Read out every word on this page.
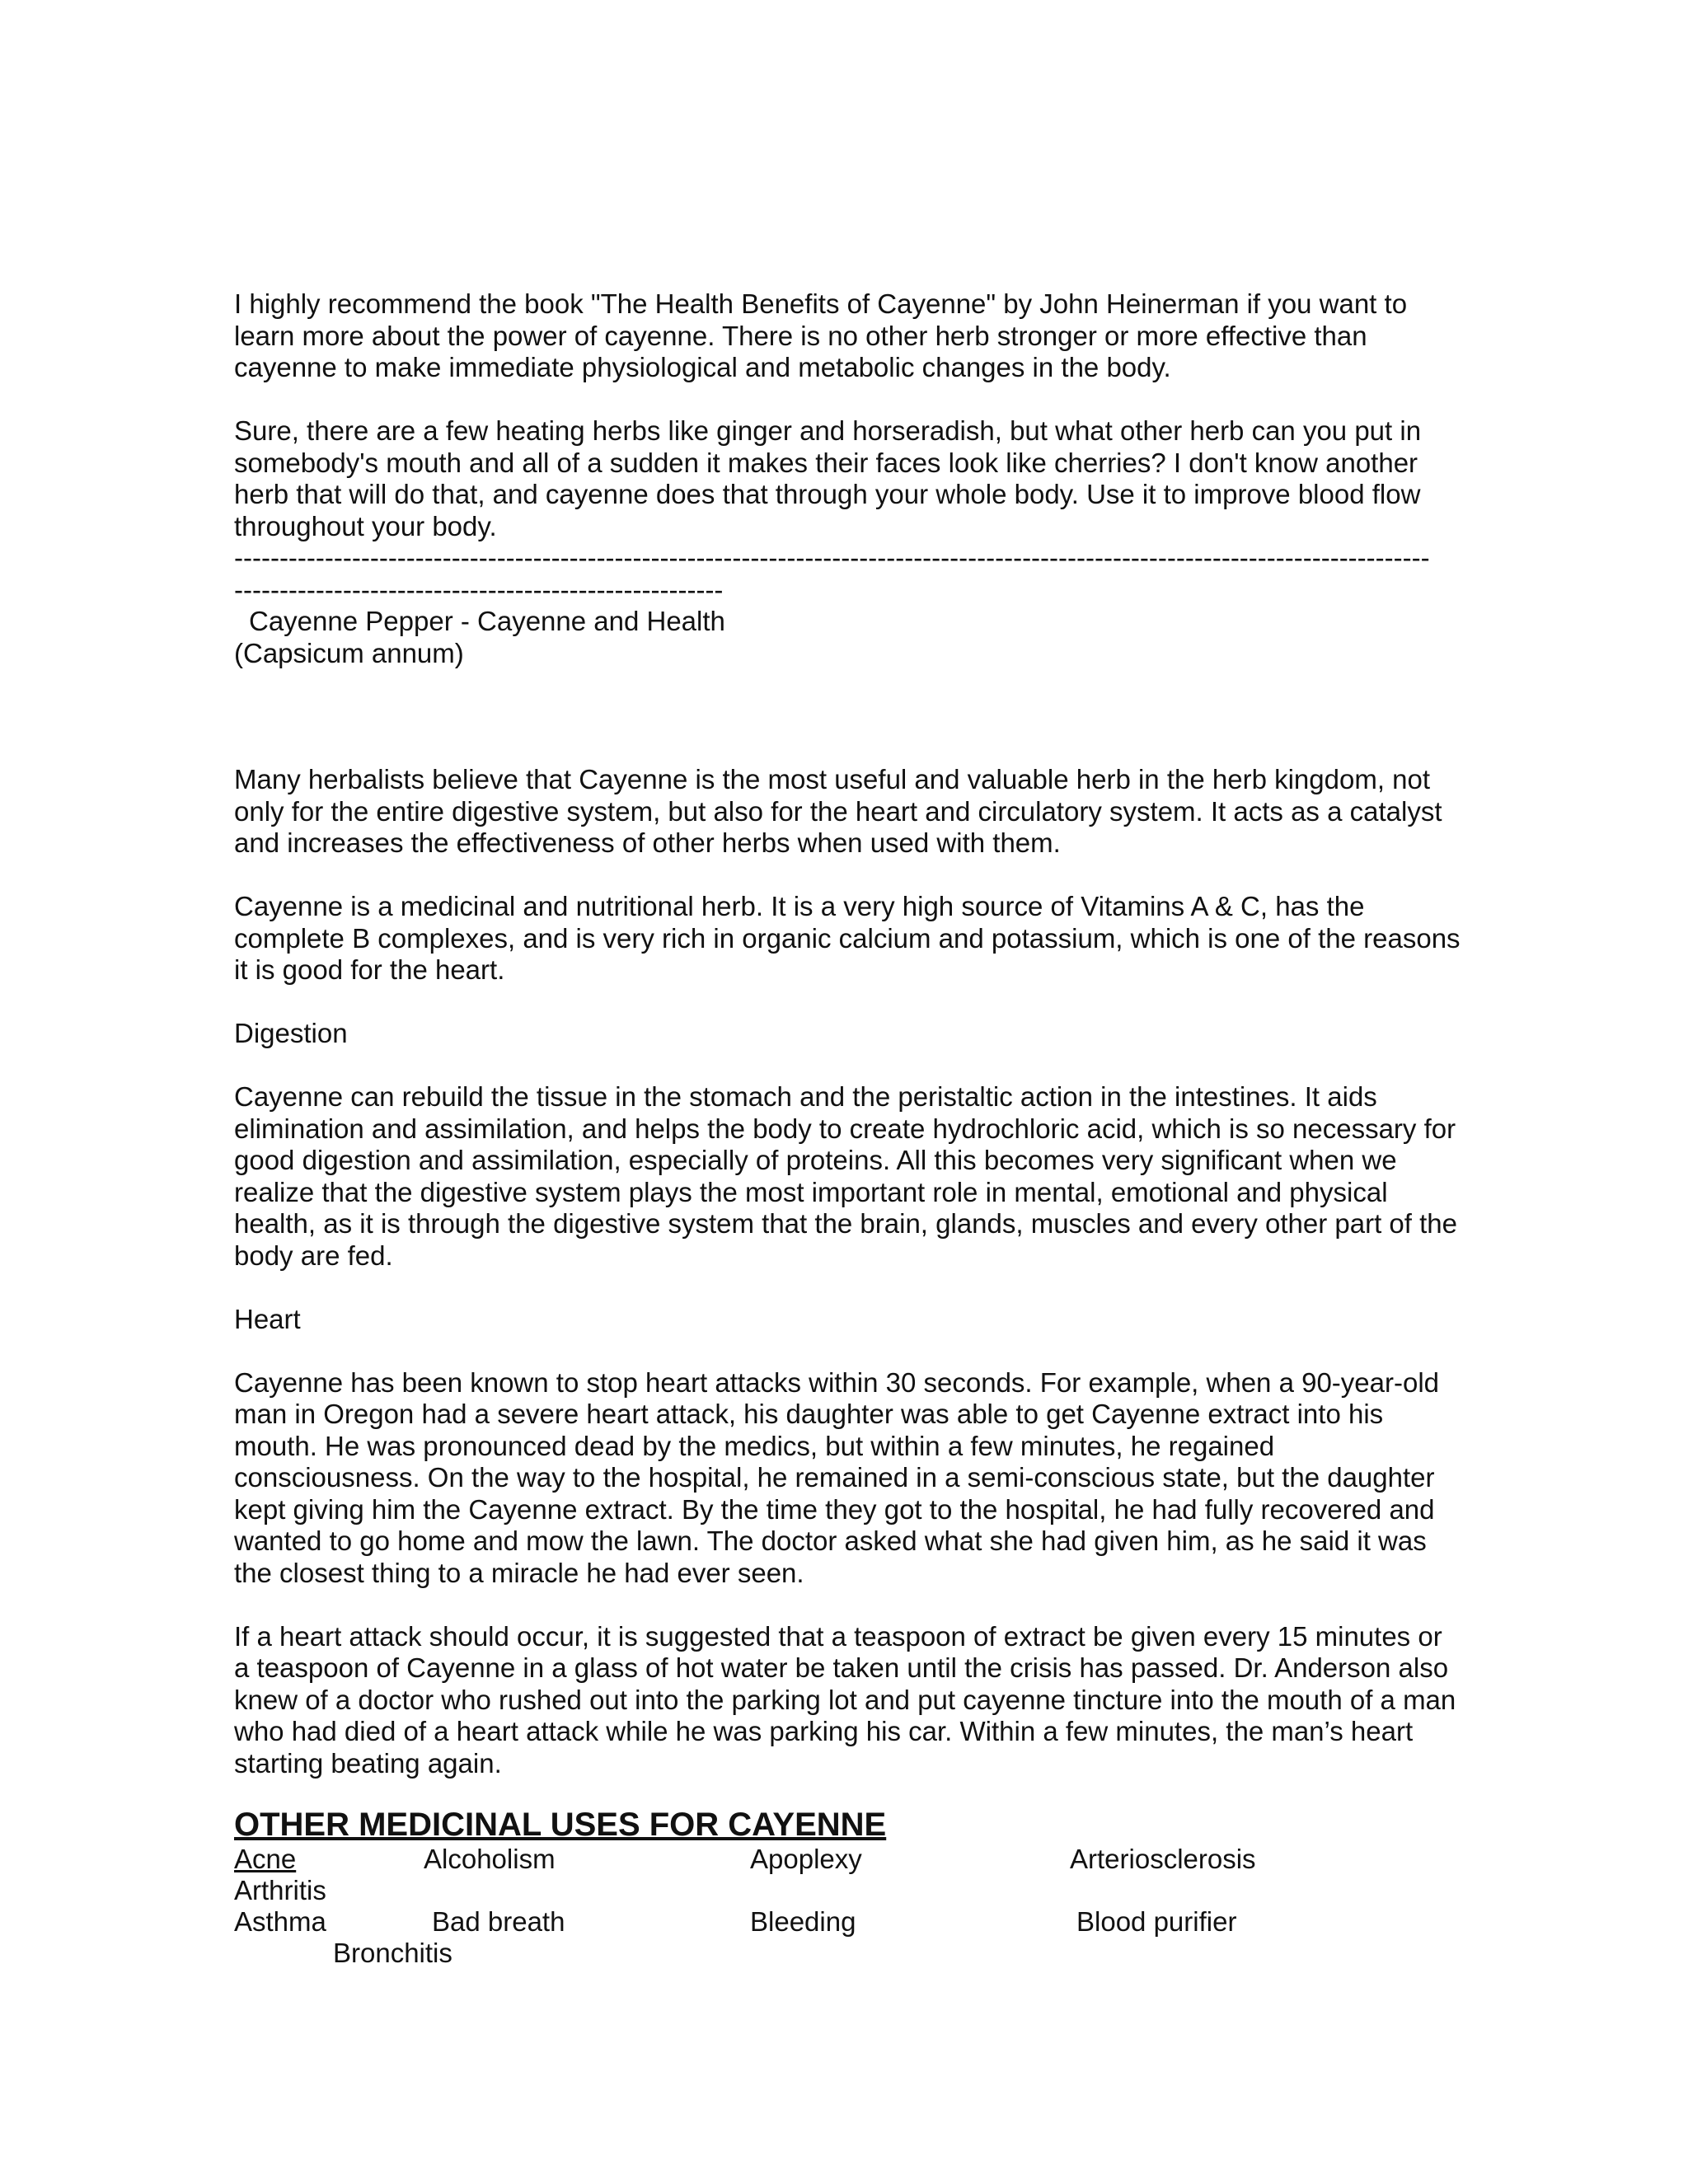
I highly recommend the book "The Health Benefits of Cayenne" by John Heinerman if you want to learn more about the power of cayenne. There is no other herb stronger or more effective than cayenne to make immediate physiological and metabolic changes in the body.

Sure, there are a few heating herbs like ginger and horseradish, but what other herb can you put in somebody's mouth and all of a sudden it makes their faces look like cherries? I don't know another herb that will do that, and cayenne does that through your whole body. Use it to improve blood flow throughout your body.

------------------------------------------------------------------------------------------------------------------------------------

------------------------------------------------------

Cayenne Pepper - Cayenne and Health

(Capsicum annum)

Many herbalists believe that Cayenne is the most useful and valuable herb in the herb kingdom, not only for the entire digestive system, but also for the heart and circulatory system. It acts as a catalyst and increases the effectiveness of other herbs when used with them.

Cayenne is a medicinal and nutritional herb. It is a very high source of Vitamins A & C, has the complete B complexes, and is very rich in organic calcium and potassium, which is one of the reasons it is good for the heart.

Digestion

Cayenne can rebuild the tissue in the stomach and the peristaltic action in the intestines. It aids elimination and assimilation, and helps the body to create hydrochloric acid, which is so necessary for good digestion and assimilation, especially of proteins. All this becomes very significant when we realize that the digestive system plays the most important role in mental, emotional and physical health, as it is through the digestive system that the brain, glands, muscles and every other part of the body are fed.

Heart

Cayenne has been known to stop heart attacks within 30 seconds. For example, when a 90-year-old man in Oregon had a severe heart attack, his daughter was able to get Cayenne extract into his mouth. He was pronounced dead by the medics, but within a few minutes, he regained consciousness. On the way to the hospital, he remained in a semi-conscious state, but the daughter kept giving him the Cayenne extract. By the time they got to the hospital, he had fully recovered and wanted to go home and mow the lawn. The doctor asked what she had given him, as he said it was the closest thing to a miracle he had ever seen.

If a heart attack should occur, it is suggested that a teaspoon of extract be given every 15 minutes or a teaspoon of Cayenne in a glass of hot water be taken until the crisis has passed. Dr. Anderson also knew of a doctor who rushed out into the parking lot and put cayenne tincture into the mouth of a man who had died of a heart attack while he was parking his car. Within a few minutes, the man’s heart starting beating again.

OTHER MEDICINAL USES FOR CAYENNE
Acne	Alcoholism	Apoplexy	Arteriosclerosis
Arthritis
Asthma	Bad breath	Bleeding	Blood purifier
Bronchitis
